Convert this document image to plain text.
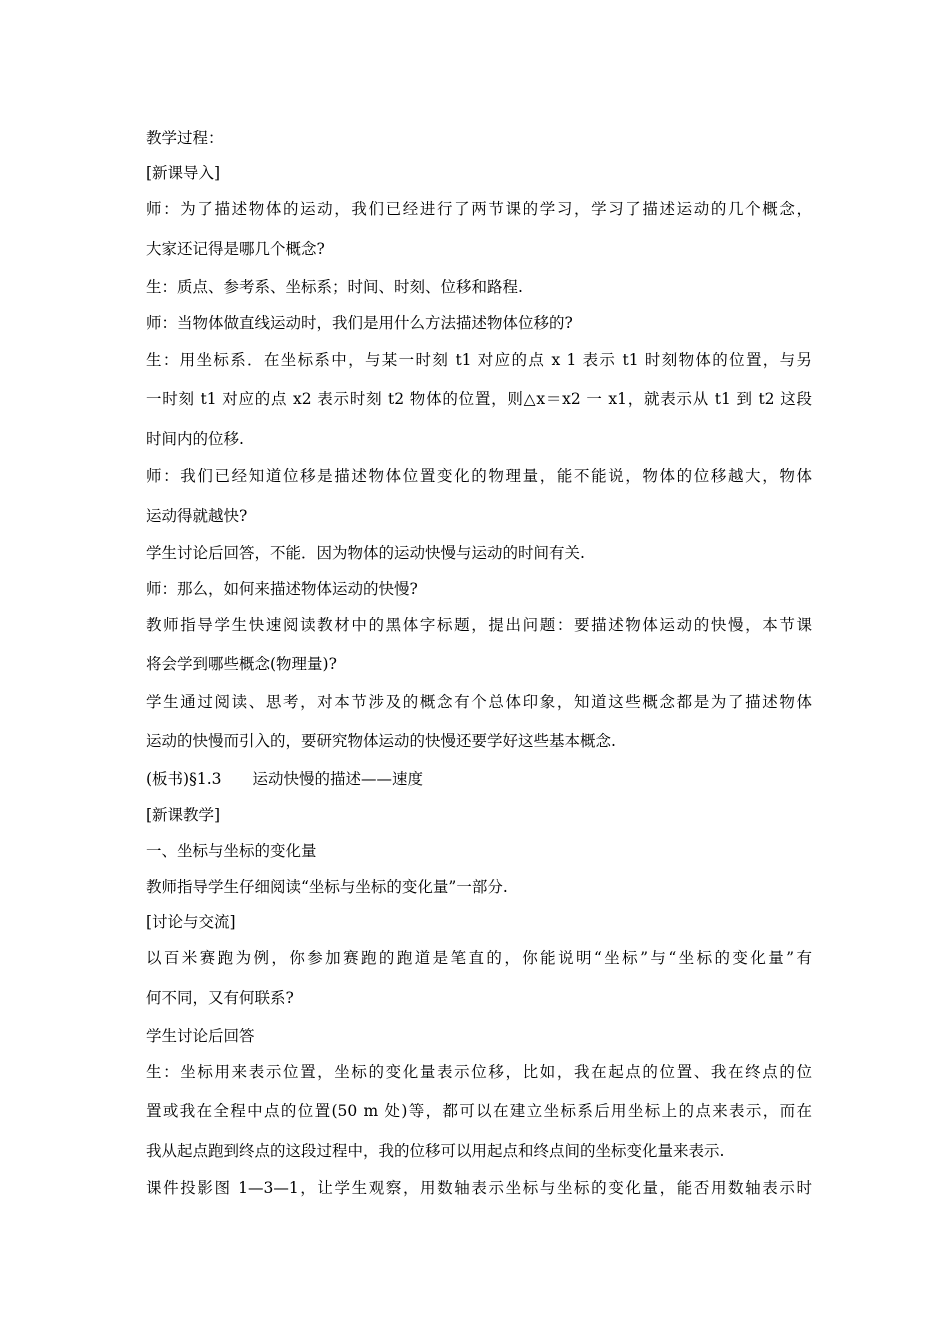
教学过程：
[新课导入]
师：为了描述物体的运动，我们已经进行了两节课的学习，学习了描述运动的几个概念，
大家还记得是哪几个概念?
生：质点、参考系、坐标系；时间、时刻、位移和路程.
师：当物体做直线运动时，我们是用什么方法描述物体位移的?
生：用坐标系．在坐标系中，与某一时刻 t1 对应的点 x 1 表示 t1 时刻物体的位置，与另
一时刻 t1 对应的点 x2 表示时刻 t2 物体的位置，则△x＝x2 一 x1，就表示从 t1 到 t2 这段
时间内的位移.
师：我们已经知道位移是描述物体位置变化的物理量，能不能说，物体的位移越大，物体
运动得就越快?
学生讨论后回答，不能．因为物体的运动快慢与运动的时间有关.
师：那么，如何来描述物体运动的快慢?
教师指导学生快速阅读教材中的黑体字标题，提出问题：要描述物体运动的快慢，本节课
将会学到哪些概念(物理量)?
学生通过阅读、思考，对本节涉及的概念有个总体印象，知道这些概念都是为了描述物体
运动的快慢而引入的，要研究物体运动的快慢还要学好这些基本概念.
(板书)§1.3　　运动快慢的描述——速度
[新课教学]
一、坐标与坐标的变化量
教师指导学生仔细阅读“坐标与坐标的变化量”一部分.
[讨论与交流]
以百米赛跑为例，你参加赛跑的跑道是笔直的，你能说明“坐标”与“坐标的变化量”有
何不同，又有何联系?
学生讨论后回答
生：坐标用来表示位置，坐标的变化量表示位移，比如，我在起点的位置、我在终点的位
置或我在全程中点的位置(50 m 处)等，都可以在建立坐标系后用坐标上的点来表示，而在
我从起点跑到终点的这段过程中，我的位移可以用起点和终点间的坐标变化量来表示.
课件投影图 1—3—1，让学生观察，用数轴表示坐标与坐标的变化量，能否用数轴表示时
